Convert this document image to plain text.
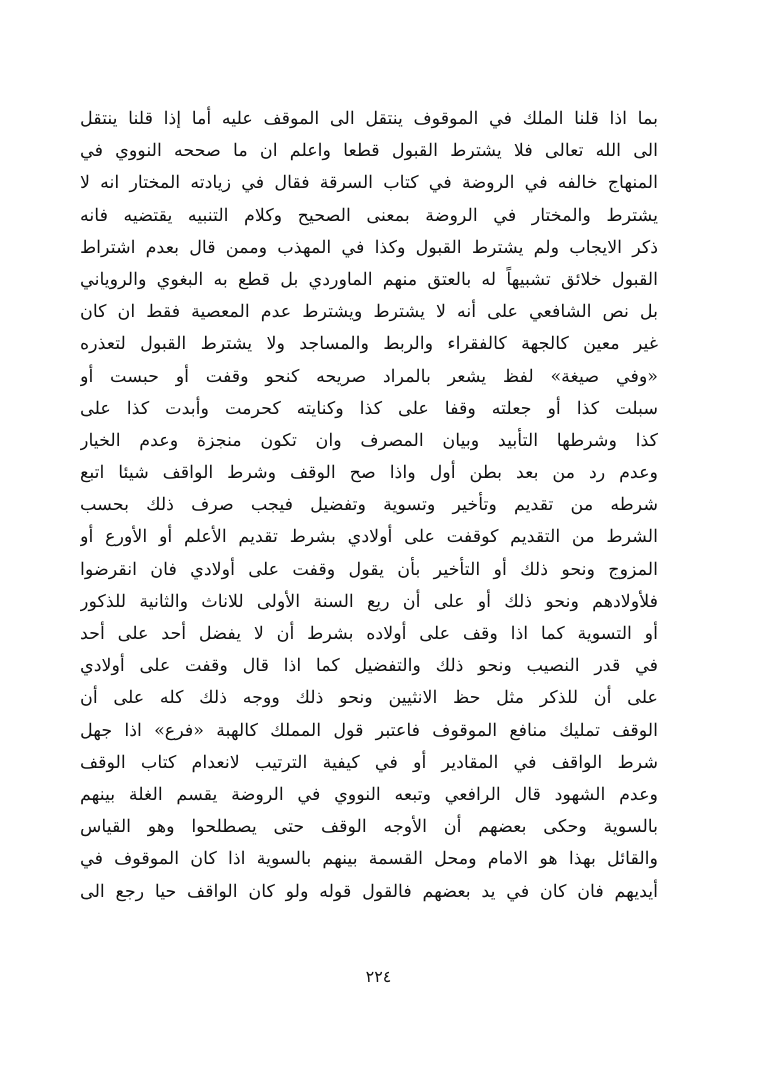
بما اذا قلنا الملك في الموقوف ينتقل الى الموقف عليه أما إذا قلنا ينتقل
الى الله تعالى فلا يشترط القبول قطعا واعلم ان ما صححه النووي في
المنهاج خالفه في الروضة في كتاب السرقة فقال في زيادته المختار انه لا
يشترط والمختار في الروضة بمعنى الصحيح وكلام التنبيه يقتضيه فانه
ذكر الايجاب ولم يشترط القبول وكذا في المهذب وممن قال بعدم اشتراط
القبول خلائق تشبيهاً له بالعتق منهم الماوردي بل قطع به البغوي والروياني
بل نص الشافعي على أنه لا يشترط ويشترط عدم المعصية فقط ان كان
غير معين كالجهة كالفقراء والربط والمساجد ولا يشترط القبول لتعذره
«وفي صيغة» لفظ يشعر بالمراد صريحه كنحو وقفت أو حبست أو
سبلت كذا أو جعلته وقفا على كذا وكنايته كحرمت وأبدت كذا على
كذا وشرطها التأبيد وبيان المصرف وان تكون منجزة وعدم الخيار
وعدم رد من بعد بطن أول واذا صح الوقف وشرط الواقف شيئا اتبع
شرطه من تقديم وتأخير وتسوية وتفضيل فيجب صرف ذلك بحسب
الشرط من التقديم كوقفت على أولادي بشرط تقديم الأعلم أو الأورع أو
المزوج ونحو ذلك أو التأخير بأن يقول وقفت على أولادي فان انقرضوا
فلأولادهم ونحو ذلك أو على أن ريع السنة الأولى للاناث والثانية للذكور
أو التسوية كما اذا وقف على أولاده بشرط أن لا يفضل أحد على أحد
في قدر النصيب ونحو ذلك والتفضيل كما اذا قال وقفت على أولادي
على أن للذكر مثل حظ الانثيين ونحو ذلك ووجه ذلك كله على أن
الوقف تمليك منافع الموقوف فاعتبر قول المملك كالهبة «فرع» اذا جهل
شرط الواقف في المقادير أو في كيفية الترتيب لانعدام كتاب الوقف
وعدم الشهود قال الرافعي وتبعه النووي في الروضة يقسم الغلة بينهم
بالسوية وحكى بعضهم أن الأوجه الوقف حتى يصطلحوا وهو القياس
والقائل بهذا هو الامام ومحل القسمة بينهم بالسوية اذا كان الموقوف في
أيديهم فان كان في يد بعضهم فالقول قوله ولو كان الواقف حيا رجع الى
٢٢٤
